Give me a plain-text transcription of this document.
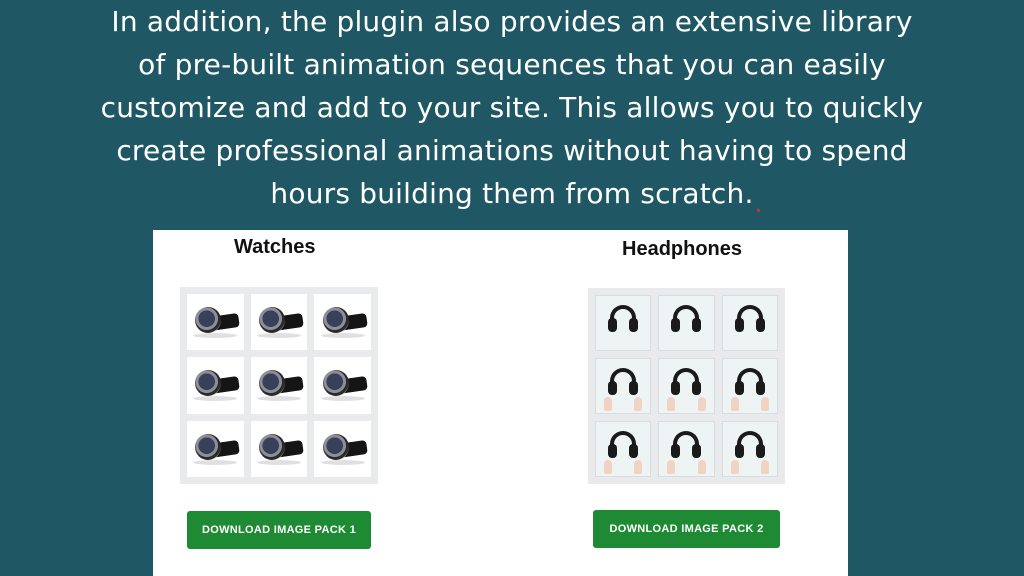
In addition, the plugin also provides an extensive library
of pre-built animation sequences that you can easily
customize and add to your site. This allows you to quickly
create professional animations without having to spend
hours building them from scratch.
Watches
DOWNLOAD IMAGE PACK 1
Headphones
DOWNLOAD IMAGE PACK 2
